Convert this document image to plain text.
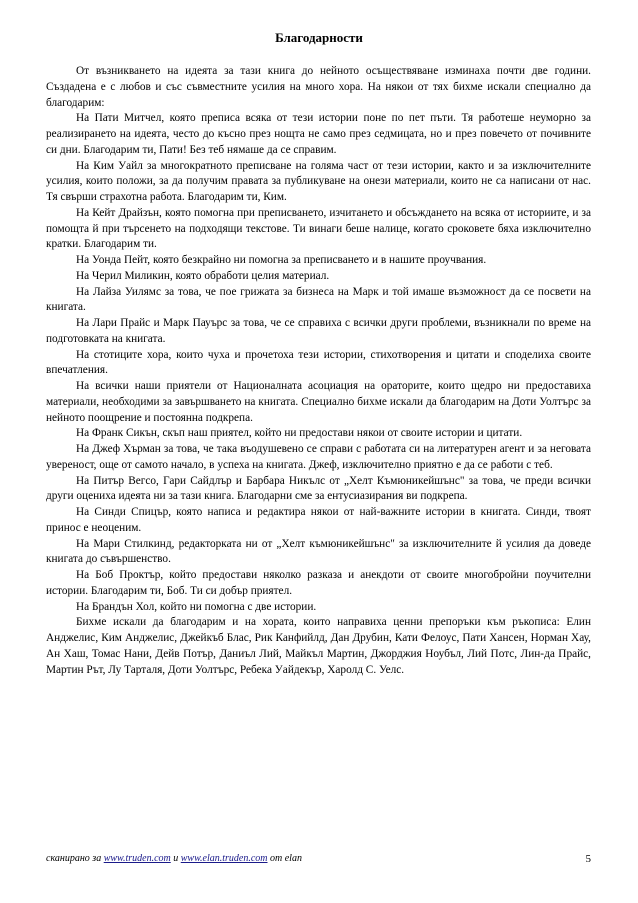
Благодарности

От възникването на идеята за тази книга до нейното осъществяване изминаха почти две години. Създадена е с любов и със съвместните усилия на много хора. На някои от тях бихме искали специално да благодарим:

На Пати Митчел, която преписа всяка от тези истории поне по пет пъти. Тя работеше неуморно за реализирането на идеята, често до късно през нощта не само през седмицата, но и през повечето от почивните си дни. Благодарим ти, Пати! Без теб нямаше да се справим.

На Ким Уайл за многократното преписване на голяма част от тези истории, както и за изключителните усилия, които положи, за да получим правата за публикуване на онези материали, които не са написани от нас. Тя свърши страхотна работа. Благодарим ти, Ким.

На Кейт Драйзън, която помогна при преписването, изчитането и обсъждането на всяка от историите, и за помощта й при търсенето на подходящи текстове. Ти винаги беше налице, когато сроковете бяха изключително кратки. Благодарим ти.

На Уонда Пейт, която безкрайно ни помогна за преписването и в нашите проучвания.

На Черил Миликин, която обработи целия материал.

На Лайза Уилямс за това, че пое грижата за бизнеса на Марк и той имаше възможност да се посвети на книгата.

На Лари Прайс и Марк Пауърс за това, че се справиха с всички други проблеми, възникнали по време на подготовката на книгата.

На стотиците хора, които чуха и прочетоха тези истории, стихотворения и цитати и споделиха своите впечатления.

На всички наши приятели от Националната асоциация на ораторите, които щедро ни предоставиха материали, необходими за завършването на книгата. Специално бихме искали да благодарим на Доти Уолтърс за нейното поощрение и постоянна подкрепа.

На Франк Сикън, скъп наш приятел, който ни предостави някои от своите истории и цитати.

На Джеф Хърман за това, че така въодушевено се справи с работата си на литературен агент и за неговата увереност, още от самото начало, в успеха на книгата. Джеф, изключително приятно е да се работи с теб.

На Питър Вегсо, Гари Сайдлър и Барбара Никълс от „Хелт Къмюникейшънс" за това, че преди всички други оцениха идеята ни за тази книга. Благодарни сме за ентусиазирания ви подкрепа.

На Синди Спицър, която написа и редактира някои от най-важните истории в книгата. Синди, твоят принос е неоценим.

На Мари Стилкинд, редакторката ни от „Хелт къмюникейшънс" за изключителните й усилия да доведе книгата до съвършенство.

На Боб Проктър, който предостави няколко разказа и анекдоти от своите многобройни поучителни истории. Благодарим ти, Боб. Ти си добър приятел.

На Брандън Хол, който ни помогна с две истории.

Бихме искали да благодарим и на хората, които направиха ценни препоръки към ръкописа: Елин Анджелис, Ким Анджелис, Джейкъб Блас, Рик Канфийлд, Дан Друбин, Кати Фелоус, Пати Хансен, Норман Хау, Ан Хаш, Томас Нани, Дейв Потър, Даниъл Лий, Майкъл Мартин, Джорджия Ноубъл, Лий Потс, Лин-да Прайс, Мартин Рът, Лу Тарталя, Доти Уолтърс, Ребека Уайдекър, Харолд С. Уелс.

сканирано за www.truden.com и www.elan.truden.com от elan	5
